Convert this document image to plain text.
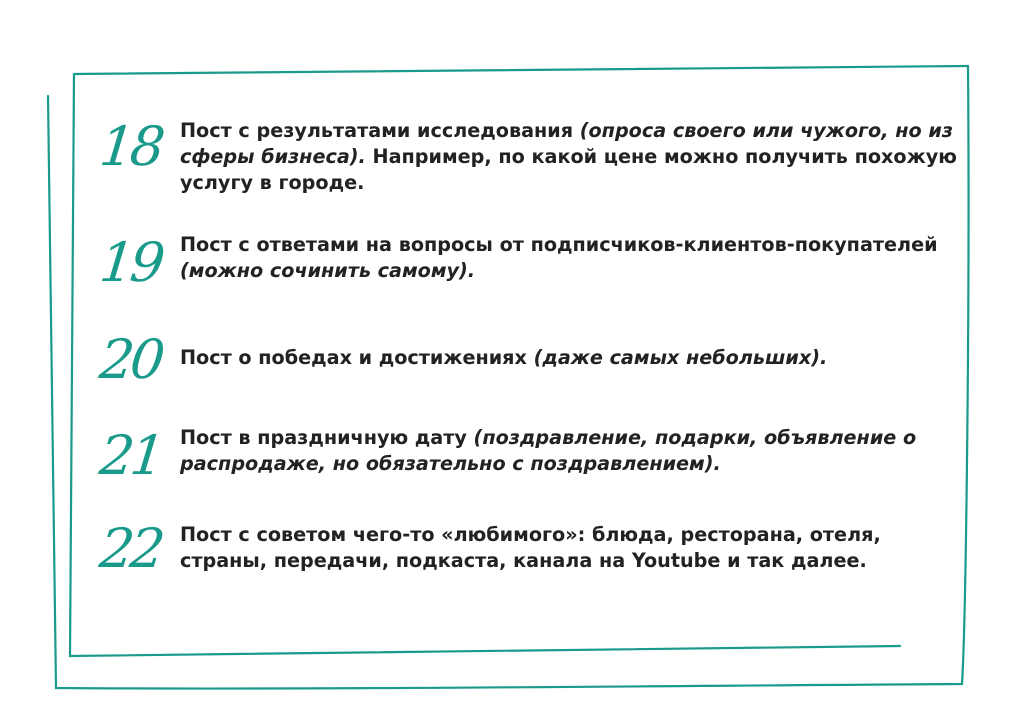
18 Пост с результатами исследования (опроса своего или чужого, но из сферы бизнеса). Например, по какой цене можно получить похожую услугу в городе.
19 Пост с ответами на вопросы от подписчиков-клиентов-покупателей (можно сочинить самому).
20 Пост о победах и достижениях (даже самых небольших).
21 Пост в праздничную дату (поздравление, подарки, объявление о распродаже, но обязательно с поздравлением).
22 Пост с советом чего-то «любимого»: блюда, ресторана, отеля, страны, передачи, подкаста, канала на Youtube и так далее.
